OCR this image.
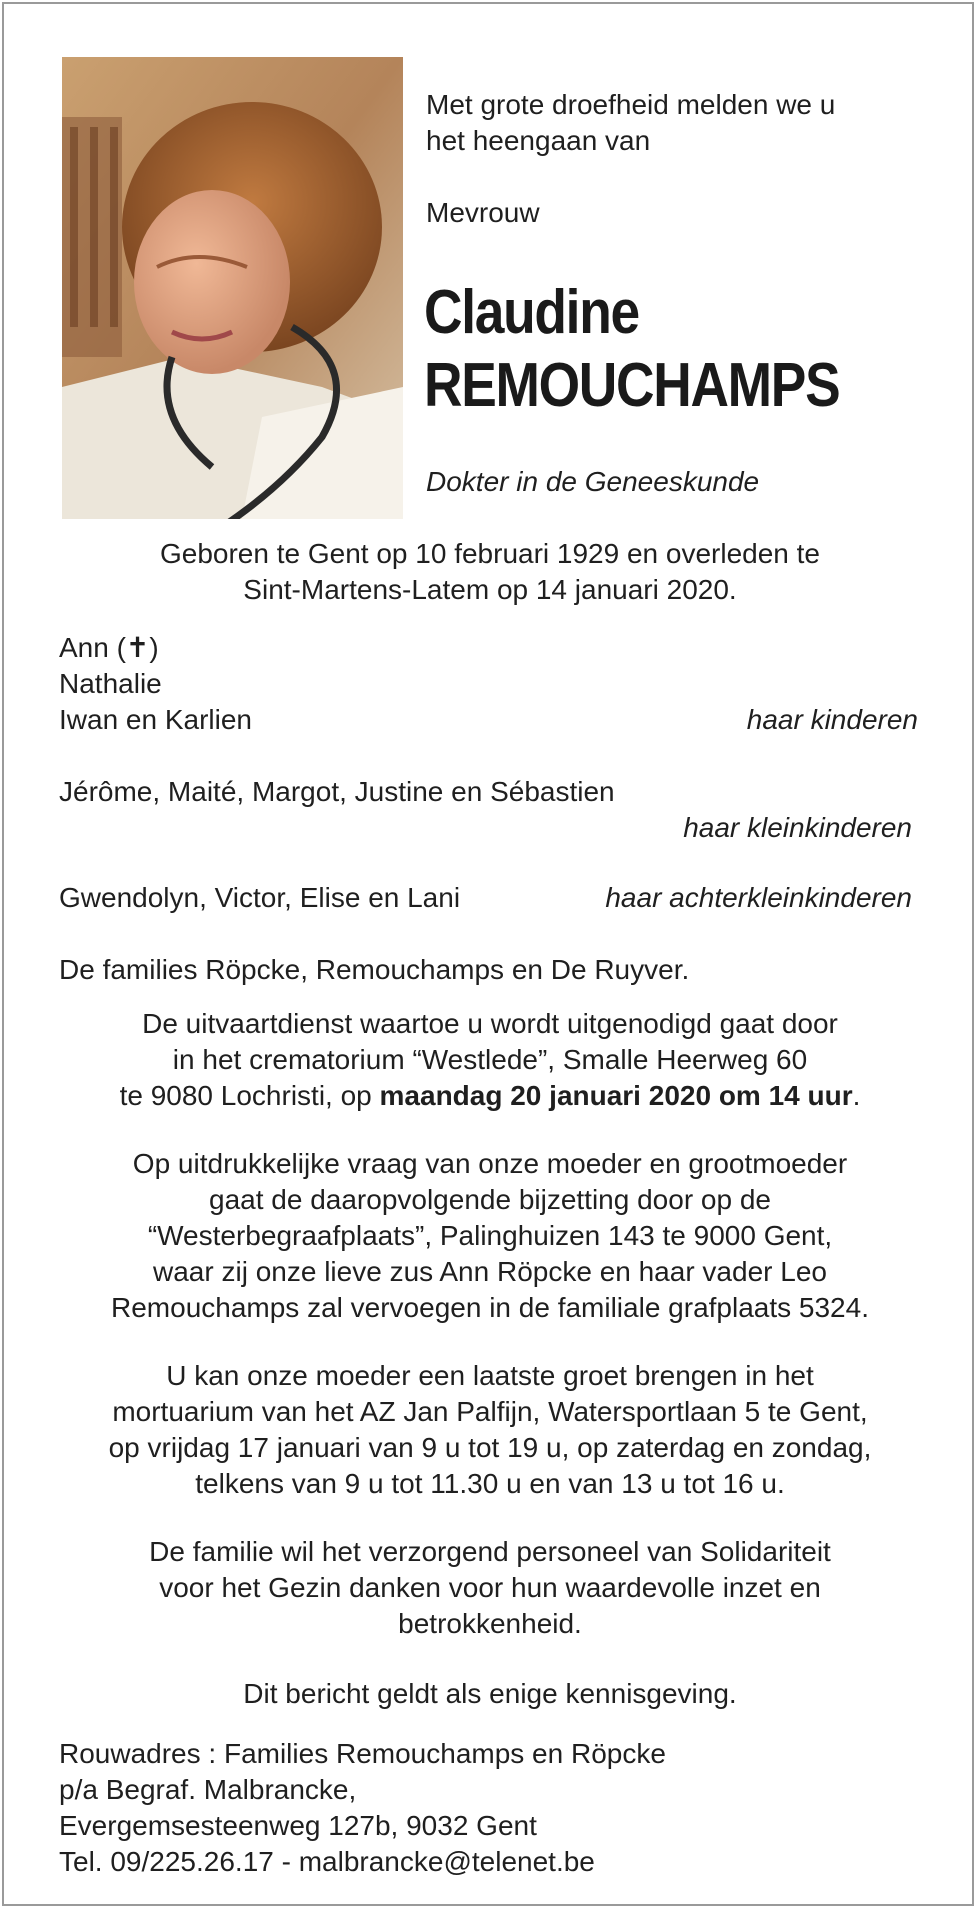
Met grote droefheid melden we u
het heengaan van
Mevrouw
Claudine
REMOUCHAMPS
Dokter in de Geneeskunde
Geboren te Gent op 10 februari 1929 en overleden te
Sint-Martens-Latem op 14 januari 2020.
Ann (✝)
Nathalie
Iwan en Karlien	haar kinderen
Jérôme, Maité, Margot, Justine en Sébastien
haar kleinkinderen
Gwendolyn, Victor, Elise en Lani	haar achterkleinkinderen
De families Röpcke, Remouchamps en De Ruyver.
De uitvaartdienst waartoe u wordt uitgenodigd gaat door
in het crematorium “Westlede”, Smalle Heerweg 60
te 9080 Lochristi, op maandag 20 januari 2020 om 14 uur.
Op uitdrukkelijke vraag van onze moeder en grootmoeder
gaat de daaropvolgende bijzetting door op de
“Westerbegraafplaats”, Palinghuizen 143 te 9000 Gent,
waar zij onze lieve zus Ann Röpcke en haar vader Leo
Remouchamps zal vervoegen in de familiale grafplaats 5324.
U kan onze moeder een laatste groet brengen in het
mortuarium van het AZ Jan Palfijn, Watersportlaan 5 te Gent,
op vrijdag 17 januari van 9 u tot 19 u, op zaterdag en zondag,
telkens van 9 u tot 11.30 u en van 13 u tot 16 u.
De familie wil het verzorgend personeel van Solidariteit
voor het Gezin danken voor hun waardevolle inzet en
betrokkenheid.
Dit bericht geldt als enige kennisgeving.
Rouwadres : Families Remouchamps en Röpcke
p/a Begraf. Malbrancke,
Evergemsesteenweg 127b, 9032 Gent
Tel. 09/225.26.17 - malbrancke@telenet.be
